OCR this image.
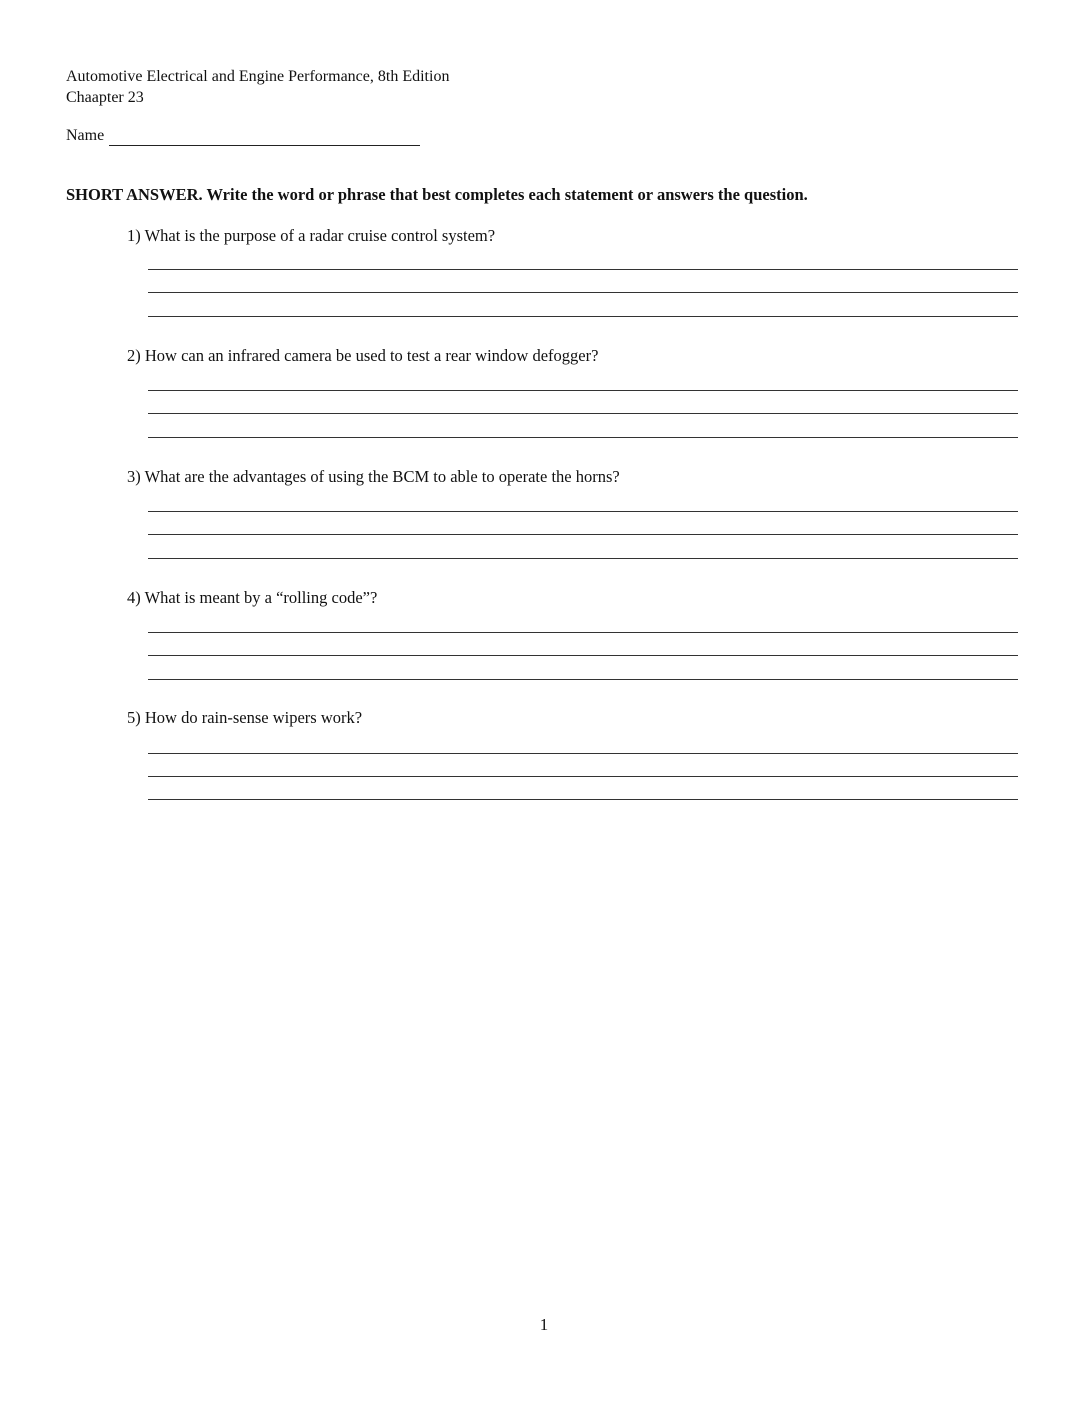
Automotive Electrical and Engine Performance, 8th Edition
Chaapter 23
Name
SHORT ANSWER. Write the word or phrase that best completes each statement or answers the question.
1) What is the purpose of a radar cruise control system?
2) How can an infrared camera be used to test a rear window defogger?
3) What are the advantages of using the BCM to able to operate the horns?
4) What is meant by a “rolling code”?
5) How do rain-sense wipers work?
1
